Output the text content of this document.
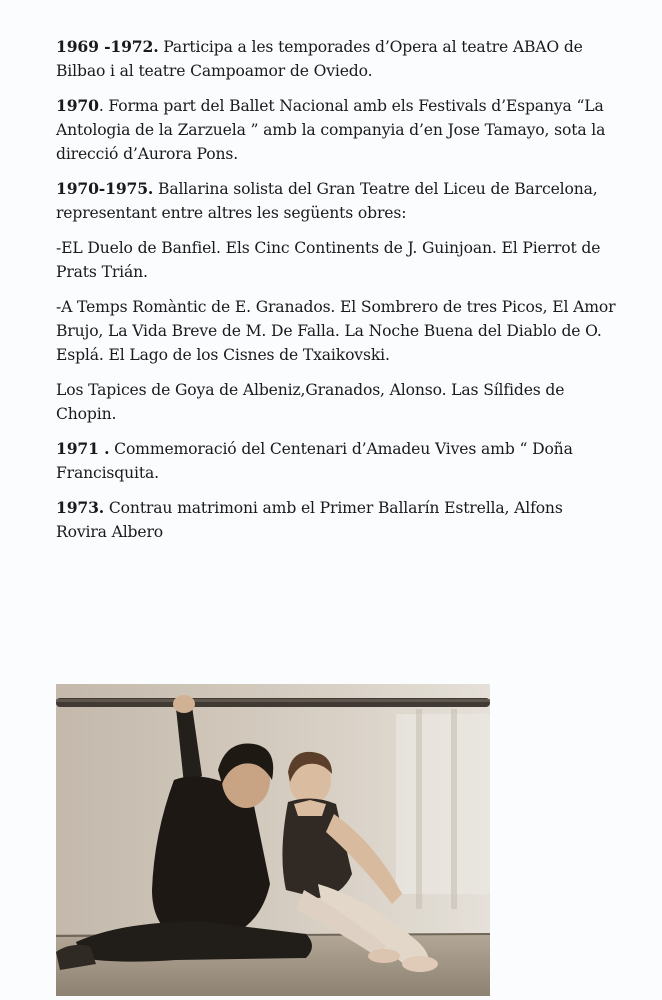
1969 -1972. Participa a les temporades d’Opera al teatre ABAO de Bilbao i al teatre Campoamor de Oviedo.

1970. Forma part del Ballet Nacional amb els Festivals d’Espanya “La Antologia de la Zarzuela ” amb la companyia d’en Jose Tamayo, sota la direcció d’Aurora Pons.

1970-1975. Ballarina solista del Gran Teatre del Liceu de Barcelona, representant entre altres les següents obres:

-EL Duelo de Banfiel. Els Cinc Continents de J. Guinjoan. El Pierrot de Prats Trián.

-A Temps Romàntic de E. Granados. El Sombrero de tres Picos, El Amor Brujo, La Vida Breve de M. De Falla. La Noche Buena del Diablo de O. Esplá. El Lago de los Cisnes de Txaikovski.

Los Tapices de Goya de Albeniz,Granados, Alonso. Las Sílfides de Chopin.

1971 . Commemoració del Centenari d’Amadeu Vives amb “ Doña Francisquita.

1973. Contrau matrimoni amb el Primer Ballarín Estrella, Alfons Rovira Albero
